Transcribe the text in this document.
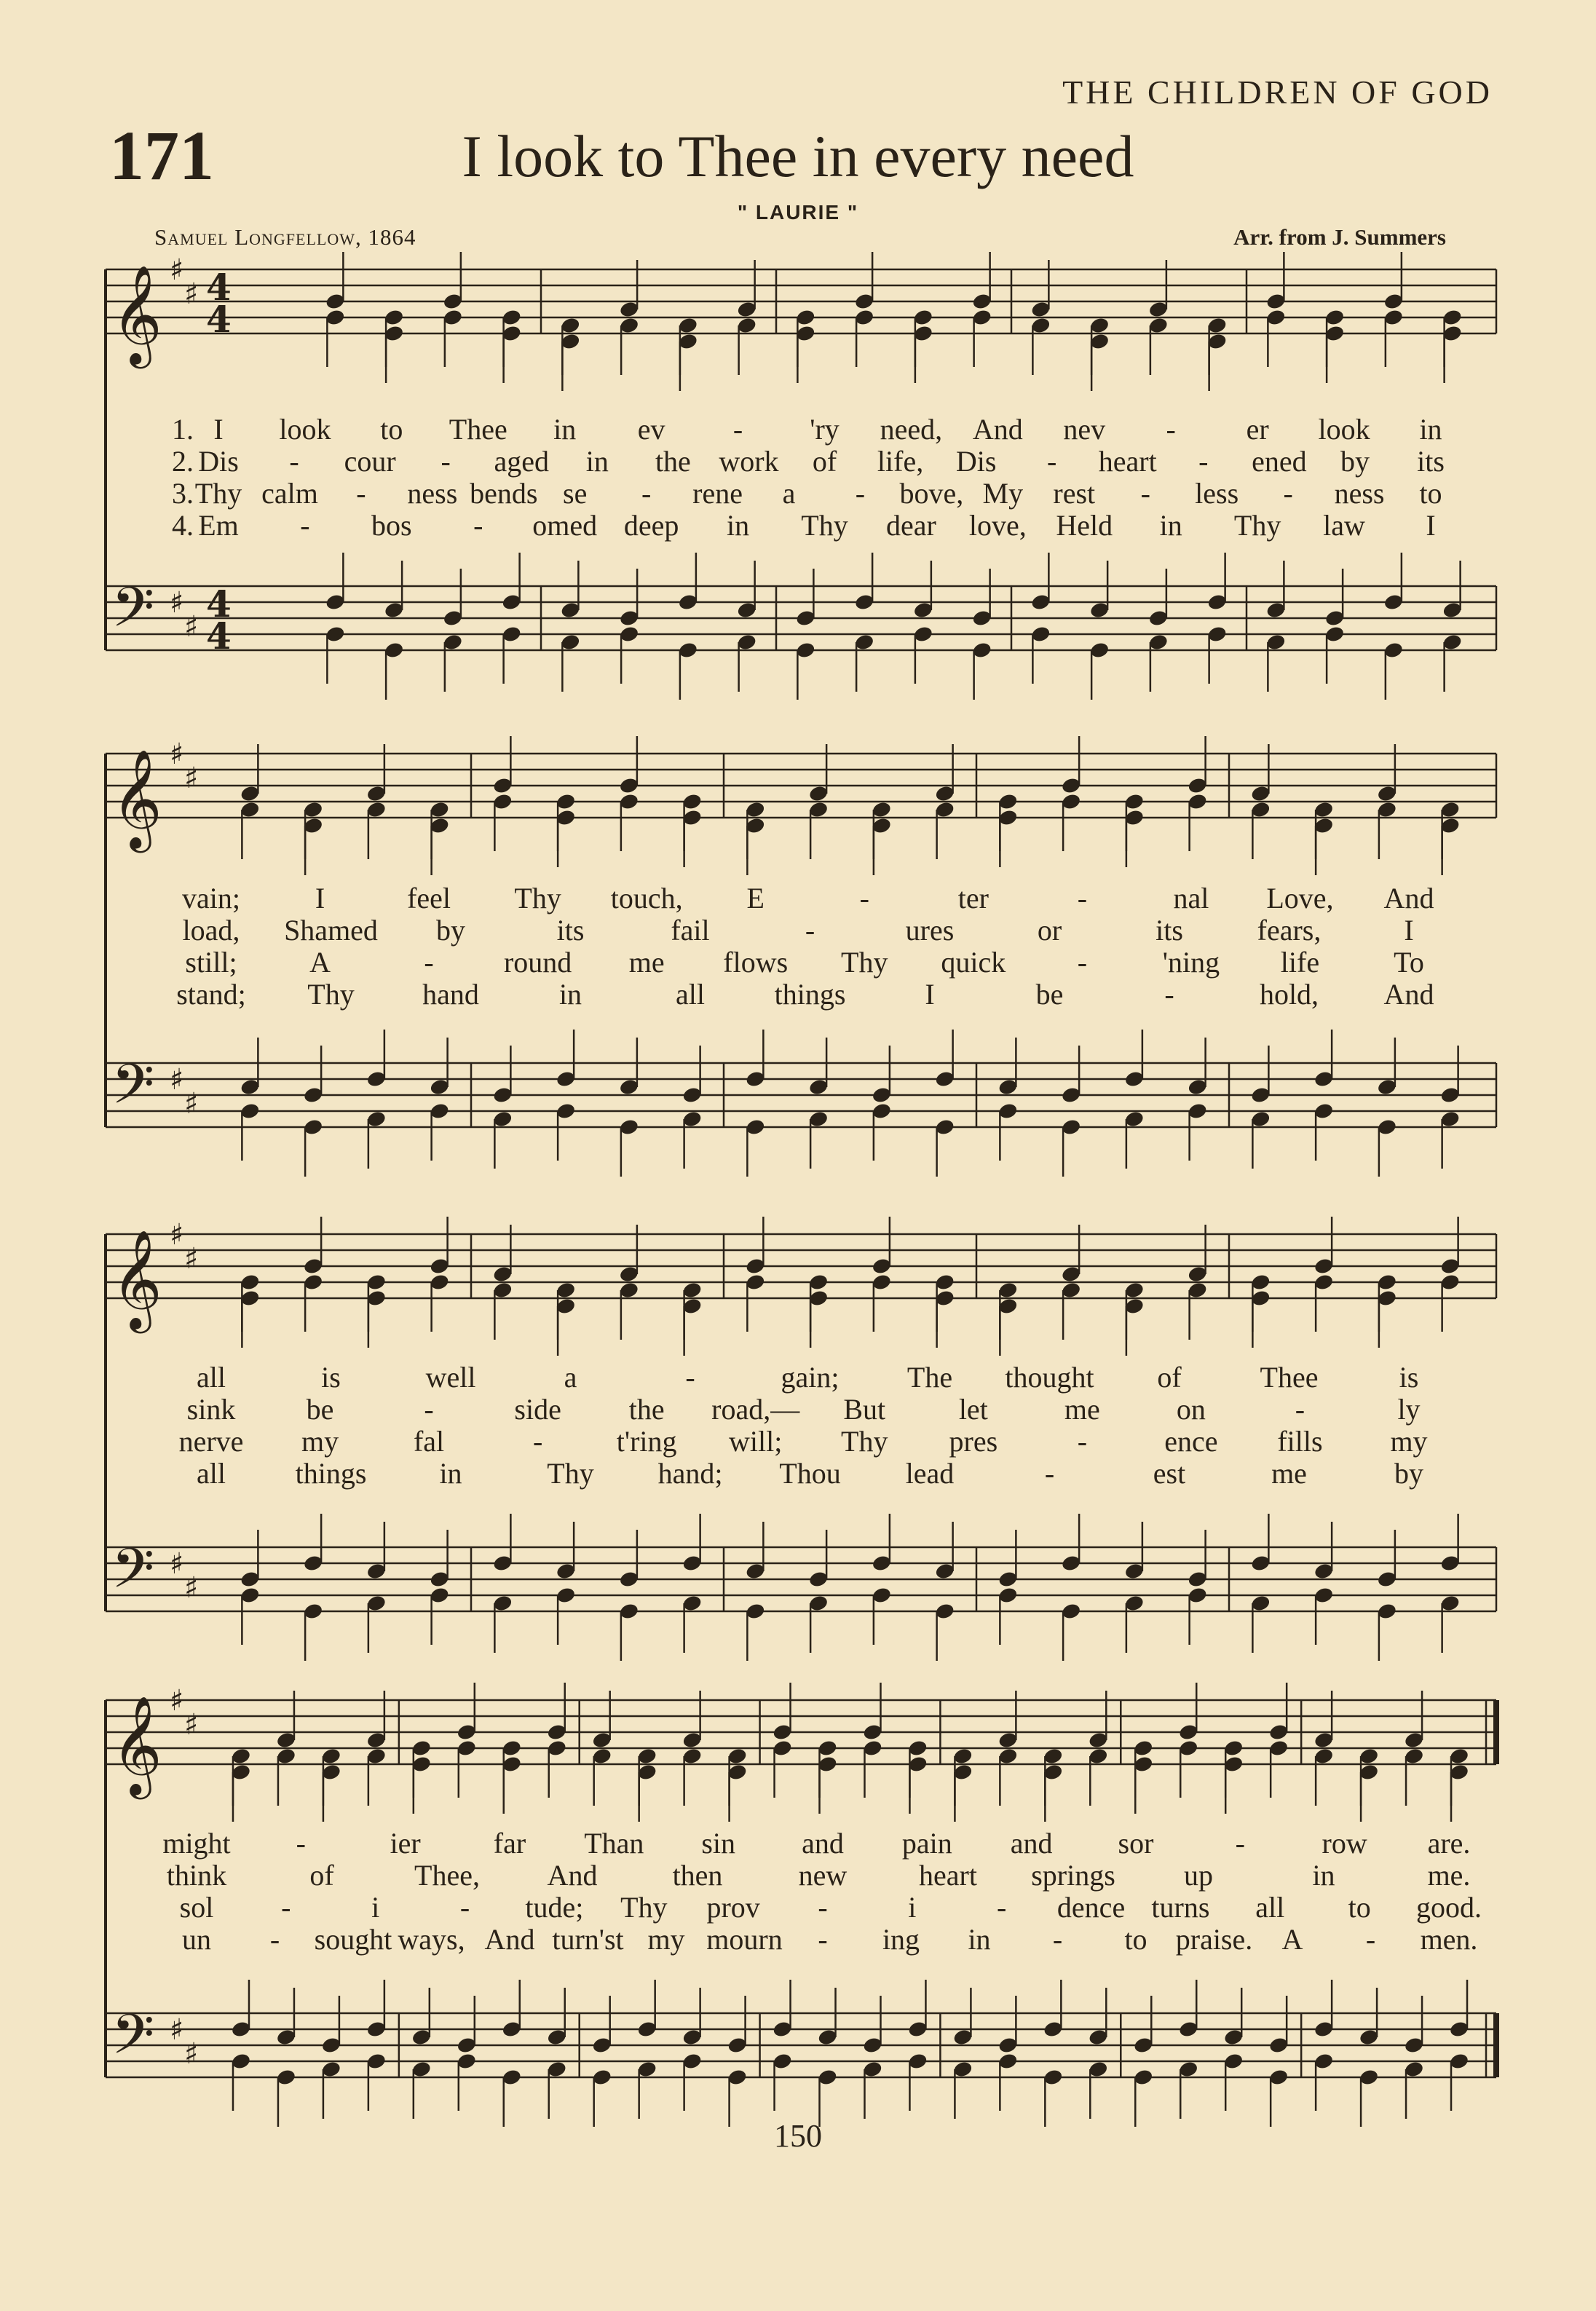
THE CHILDREN OF GOD
171	I look to Thee in every need
" LAURIE "
Samuel Longfellow, 1864	Arr. from J. Summers
𝄞
𝄢
♯
♯
♯
♯
4
4
4
4
𝄞
𝄢
♯
♯
♯
♯
𝄞
𝄢
♯
♯
♯
♯
𝄞
𝄢
♯
♯
♯
♯
1. I look to Thee in ev - 'ry need, And nev - er look in
2. Dis - cour - aged in the work of life, Dis - heart - ened by its
3. Thy calm - ness bends se - rene a - bove, My rest - less - ness to
4. Em - bos - omed deep in Thy dear love, Held in Thy law I
vain;	I	feel Thy touch, E	-	ter	-	nal Love, And
load, Shamed by	its	fail	-	ures	or	its	fears,	I
still; A	- round me flows Thy quick -	'ning life	To
stand; Thy hand	in	all things	I	be	-	hold, And
all	is	well	a	-	gain; The thought of	Thee	is
sink be	-	side the road,— But	let	me	on	-	ly
nerve my	fal	-	t'ring will; Thy pres	-	ence fills my
all things	in	Thy hand; Thou lead	-	est	me	by
might -	ier	far Than sin and pain and sor	-	row are.
think	of	Thee, And	then	new heart springs up	in	me.
sol -	i	- tude; Thy prov -	i	- dence turns all to good.
un - sought ways, And turn'st my mourn - ing in - to praise. A - men.
150
